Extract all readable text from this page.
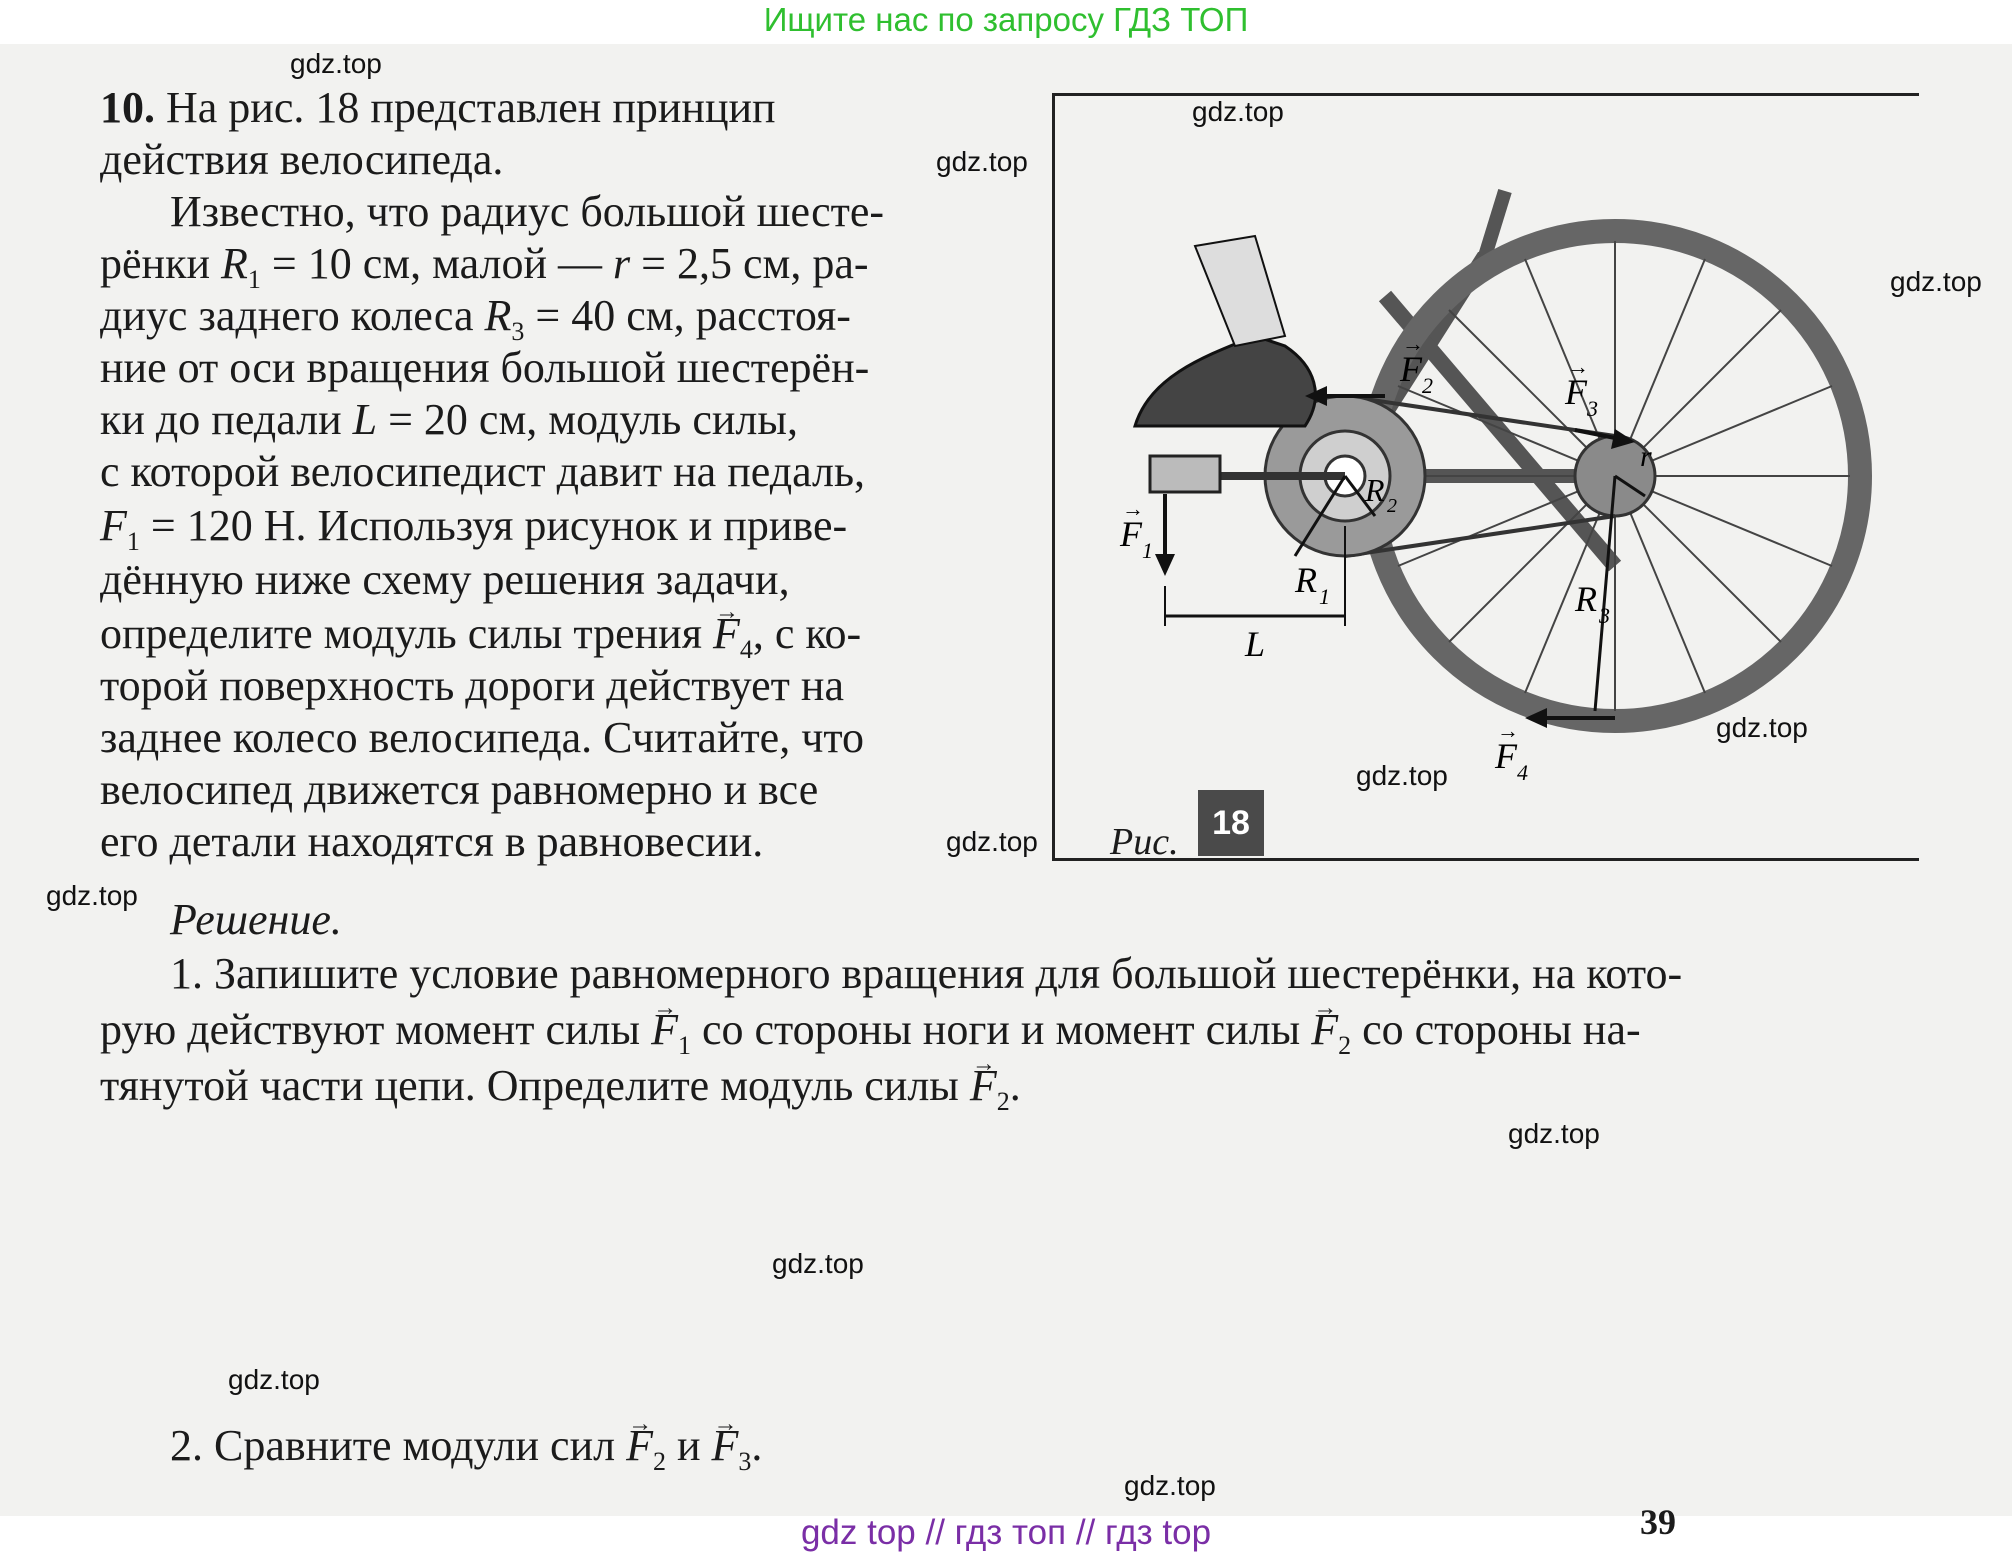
Ищите нас по запросу ГДЗ ТОП
10. На рис. 18 представлен принцип
действия велосипеда.
Известно, что радиус большой шесте-
рёнки $R_1 = 10$ см, малой — r = 2,5 см, ра-
диус заднего колеса $R_3 = 40$ см, расстоя-
ние от оси вращения большой шестерён-
ки до педали L = 20 см, модуль силы,
с которой велосипедист давит на педаль,
$F_1 = 120$ Н. Используя рисунок и приве-
дённую ниже схему решения задачи,
определите модуль силы трения → $F_4$, с ко-
торой поверхность дороги действует на
заднее колесо велосипеда. Считайте, что
велосипед движется равномерно и все
его детали находятся в равновесии.
F 1
F 2	F 3
F 4
R 1
R 2
R 3
r
L
→
→
→
→
Рис. 18
Решение.
1. Запишите условие равномерного вращения для большой шестерёнки, на кото-
рую действуют момент силы → $F_1$ со стороны ноги и момент силы → $F_2$ со стороны на-
тянутой части цепи. Определите модуль силы → $F_2$.
2. Сравните модули сил → $F_2$ $и \to F_3$.
39
gdz.top
gdz.top
gdz.top
gdz.top
gdz.top
gdz.top
gdz.top
gdz.top
gdz.top
gdz.top
gdz.top
gdz.top
gdz top // гдз топ // гдз top
